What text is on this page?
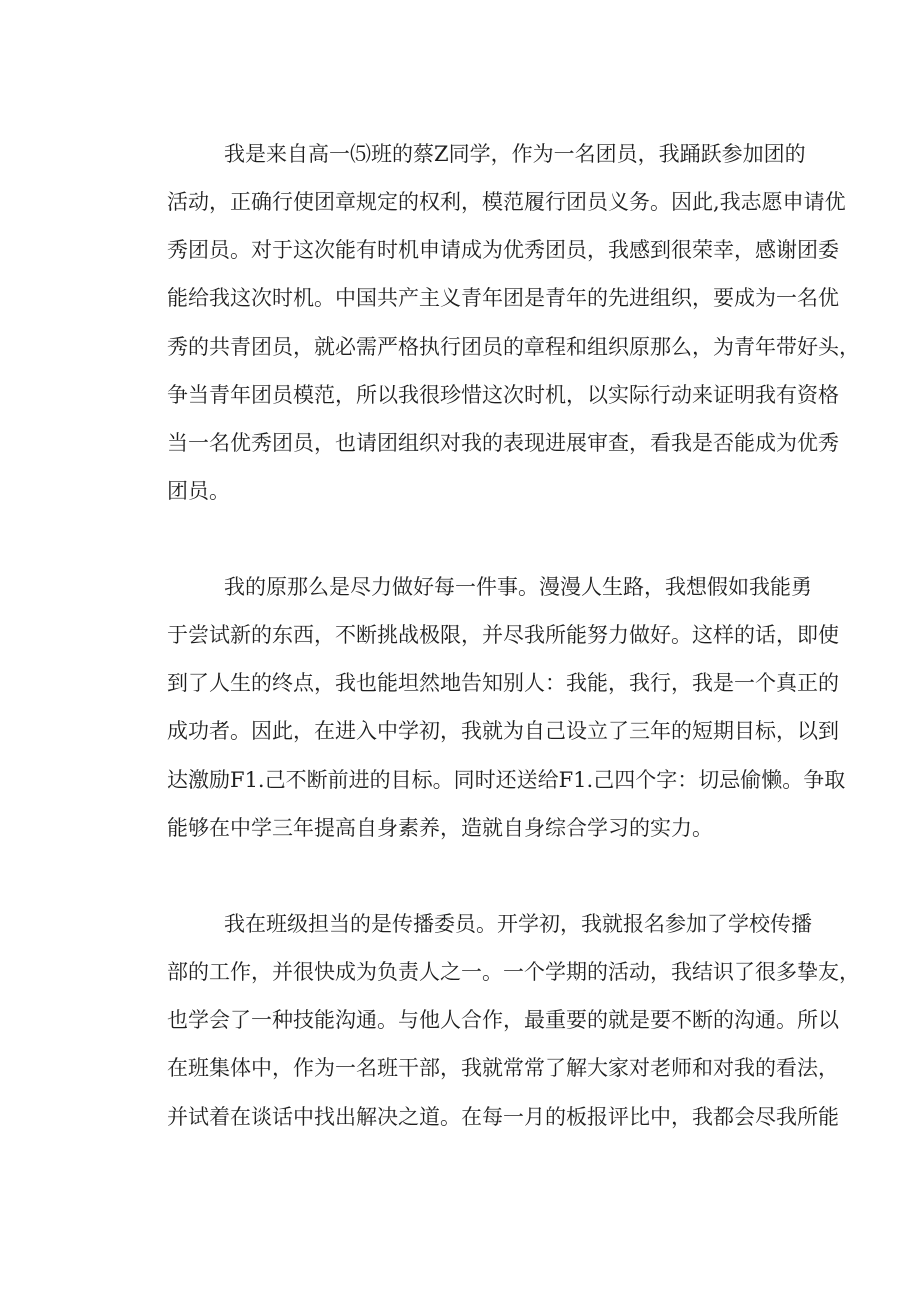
我是来自高一⑸班的蔡Z同学，作为一名团员，我踊跃参加团的

活动，正确行使团章规定的权利，模范履行团员义务。因此,我志愿申请优

秀团员。对于这次能有时机申请成为优秀团员，我感到很荣幸，感谢团委

能给我这次时机。中国共产主义青年团是青年的先进组织，要成为一名优

秀的共青团员，就必需严格执行团员的章程和组织原那么，为青年带好头，

争当青年团员模范，所以我很珍惜这次时机，以实际行动来证明我有资格

当一名优秀团员，也请团组织对我的表现进展审查，看我是否能成为优秀

团员。

我的原那么是尽力做好每一件事。漫漫人生路，我想假如我能勇

于尝试新的东西，不断挑战极限，并尽我所能努力做好。这样的话，即使

到了人生的终点，我也能坦然地告知别人：我能，我行，我是一个真正的

成功者。因此，在进入中学初，我就为自己设立了三年的短期目标，以到

达激励F1.己不断前进的目标。同时还送给F1.己四个字：切忌偷懒。争取

能够在中学三年提高自身素养，造就自身综合学习的实力。

我在班级担当的是传播委员。开学初，我就报名参加了学校传播

部的工作，并很快成为负责人之一。一个学期的活动，我结识了很多挚友，

也学会了一种技能沟通。与他人合作，最重要的就是要不断的沟通。所以

在班集体中，作为一名班干部，我就常常了解大家对老师和对我的看法，

并试着在谈话中找出解决之道。在每一月的板报评比中，我都会尽我所能
